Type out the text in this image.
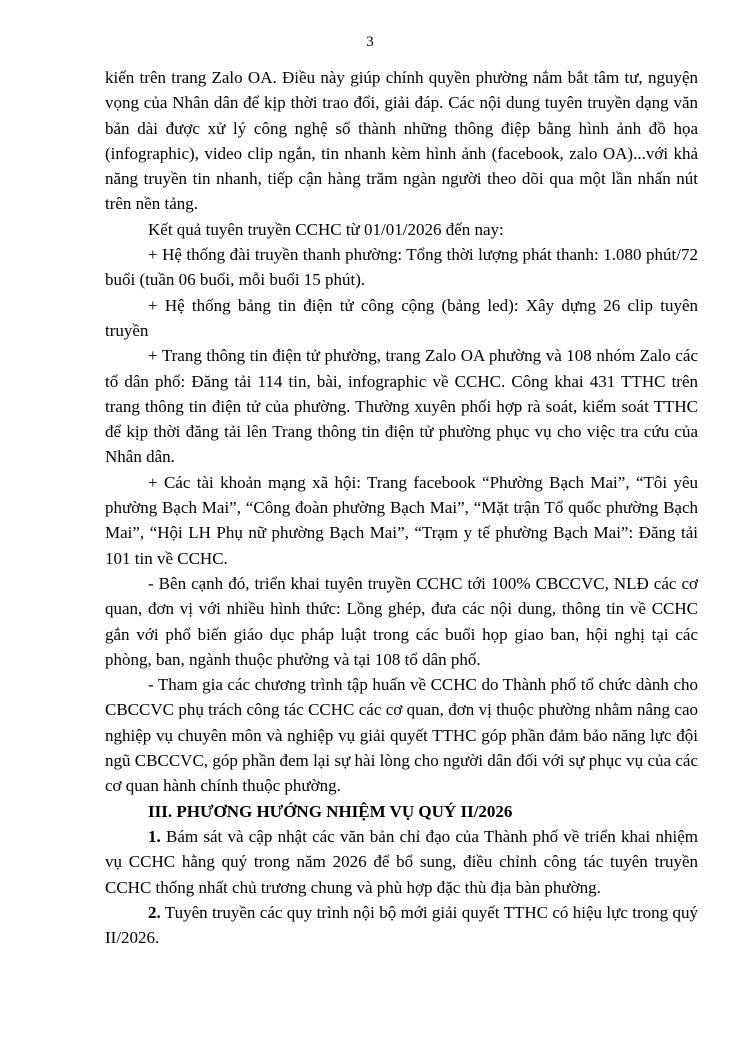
3

kiến trên trang Zalo OA. Điều này giúp chính quyền phường nắm bắt tâm tư, nguyện vọng của Nhân dân để kịp thời trao đổi, giải đáp. Các nội dung tuyên truyền dạng văn bản dài được xử lý công nghệ số thành những thông điệp bằng hình ảnh đồ họa (infographic), video clip ngắn, tin nhanh kèm hình ảnh (facebook, zalo OA)...với khả năng truyền tin nhanh, tiếp cận hàng trăm ngàn người theo dõi qua một lần nhấn nút trên nền tảng.

Kết quả tuyên truyền CCHC từ 01/01/2026 đến nay:

+ Hệ thống đài truyền thanh phường: Tổng thời lượng phát thanh: 1.080 phút/72 buổi (tuần 06 buổi, mỗi buổi 15 phút).

+ Hệ thống bảng tin điện tử công cộng (bảng led): Xây dựng 26 clip tuyên truyền

+ Trang thông tin điện tử phường, trang Zalo OA phường và 108 nhóm Zalo các tổ dân phố: Đăng tải 114 tin, bài, infographic về CCHC. Công khai 431 TTHC trên trang thông tin điện tử của phường. Thường xuyên phối hợp rà soát, kiểm soát TTHC để kịp thời đăng tải lên Trang thông tin điện tử phường phục vụ cho việc tra cứu của Nhân dân.

+ Các tài khoản mạng xã hội: Trang facebook “Phường Bạch Mai”, “Tôi yêu phường Bạch Mai”, “Công đoàn phường Bạch Mai”, “Mặt trận Tổ quốc phường Bạch Mai”, “Hội LH Phụ nữ phường Bạch Mai”, “Trạm y tế phường Bạch Mai”: Đăng tải 101 tin về CCHC.

- Bên cạnh đó, triển khai tuyên truyền CCHC tới 100% CBCCVC, NLĐ các cơ quan, đơn vị với nhiều hình thức: Lồng ghép, đưa các nội dung, thông tin về CCHC gắn với phổ biến giáo dục pháp luật trong các buổi họp giao ban, hội nghị tại các phòng, ban, ngành thuộc phường và tại 108 tổ dân phố.

- Tham gia các chương trình tập huấn về CCHC do Thành phố tổ chức dành cho CBCCVC phụ trách công tác CCHC các cơ quan, đơn vị thuộc phường nhằm nâng cao nghiệp vụ chuyên môn và nghiệp vụ giải quyết TTHC góp phần đảm bảo năng lực đội ngũ CBCCVC, góp phần đem lại sự hài lòng cho người dân đối với sự phục vụ của các cơ quan hành chính thuộc phường.

III. PHƯƠNG HƯỚNG NHIỆM VỤ QUÝ II/2026

1. Bám sát và cập nhật các văn bản chỉ đạo của Thành phố về triển khai nhiệm vụ CCHC hằng quý trong năm 2026 để bổ sung, điều chỉnh công tác tuyên truyền CCHC thống nhất chủ trương chung và phù hợp đặc thù địa bàn phường.

2. Tuyên truyền các quy trình nội bộ mới giải quyết TTHC có hiệu lực trong quý II/2026.
